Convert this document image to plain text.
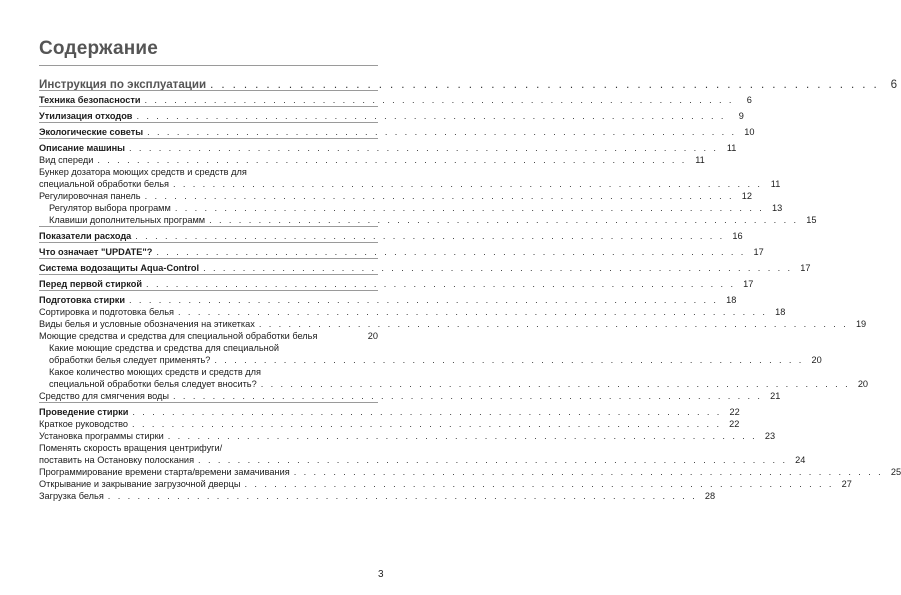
Содержание
Инструкция по эксплуатации . . . . . . . . . . . . . . . . . . . . . . . . . . . . . . . . . . . . . . . . . . . . . . . . . . . . . . . . . . . . 6
Техника безопасности . . . . . . . . . . . . . . . . . . . . . . . . . . . . . . . . . . . . . . . . . . . . . . . . . . . . . . . . . . . .	6
Утилизация отходов . . . . . . . . . . . . . . . . . . . . . . . . . . . . . . . . . . . . . . . . . . . . . . . . . . . . . . . . . . . .	9
Экологические советы . . . . . . . . . . . . . . . . . . . . . . . . . . . . . . . . . . . . . . . . . . . . . . . . . . . . . . . . . . . . 10
Описание машины . . . . . . . . . . . . . . . . . . . . . . . . . . . . . . . . . . . . . . . . . . . . . . . . . . . . . . . . . . . . 11
Вид спереди . . . . . . . . . . . . . . . . . . . . . . . . . . . . . . . . . . . . . . . . . . . . . . . . . . . . . . . . . . . . 11
Бункер дозатора моющих средств и средств для
специальной обработки белья . . . . . . . . . . . . . . . . . . . . . . . . . . . . . . . . . . . . . . . . . . . . . . . . . . . . . . . . . . . . 11
Регулировочная панель . . . . . . . . . . . . . . . . . . . . . . . . . . . . . . . . . . . . . . . . . . . . . . . . . . . . . . . . . . . . 12
Регулятор выбора программ . . . . . . . . . . . . . . . . . . . . . . . . . . . . . . . . . . . . . . . . . . . . . . . . . . . . . . . . . . . . 13
Клавиши дополнительных программ . . . . . . . . . . . . . . . . . . . . . . . . . . . . . . . . . . . . . . . . . . . . . . . . . . . . . . . . . . . . 15
Показатели расхода . . . . . . . . . . . . . . . . . . . . . . . . . . . . . . . . . . . . . . . . . . . . . . . . . . . . . . . . . . . . 16
Что означает "UPDATE"? . . . . . . . . . . . . . . . . . . . . . . . . . . . . . . . . . . . . . . . . . . . . . . . . . . . . . . . . . . . . 17
Система водозащиты Aqua-Control . . . . . . . . . . . . . . . . . . . . . . . . . . . . . . . . . . . . . . . . . . . . . . . . . . . . . . . . . . . . 17
Перед первой стиркой . . . . . . . . . . . . . . . . . . . . . . . . . . . . . . . . . . . . . . . . . . . . . . . . . . . . . . . . . . . . 17
Подготовка стирки . . . . . . . . . . . . . . . . . . . . . . . . . . . . . . . . . . . . . . . . . . . . . . . . . . . . . . . . . . . . 18
Сортировка и подготовка белья . . . . . . . . . . . . . . . . . . . . . . . . . . . . . . . . . . . . . . . . . . . . . . . . . . . . . . . . . . . . 18
Виды белья и условные обозначения на этикетках . . . . . . . . . . . . . . . . . . . . . . . . . . . . . . . . . . . . . . . . . . . . . . . . . . . . . . . . . . . . 19
Моющие средства и средства для специальной обработки белья	20
Какие моющие средства и средства для специальной
обработки белья следует применять? . . . . . . . . . . . . . . . . . . . . . . . . . . . . . . . . . . . . . . . . . . . . . . . . . . . . . . . . . . . . 20
Какое количество моющих средств и средств для
специальной обработки белья следует вносить? . . . . . . . . . . . . . . . . . . . . . . . . . . . . . . . . . . . . . . . . . . . . . . . . . . . . . . . . . . . . 20
Средство для смягчения воды . . . . . . . . . . . . . . . . . . . . . . . . . . . . . . . . . . . . . . . . . . . . . . . . . . . . . . . . . . . . 21
Проведение стирки . . . . . . . . . . . . . . . . . . . . . . . . . . . . . . . . . . . . . . . . . . . . . . . . . . . . . . . . . . . . 22
Краткое руководство . . . . . . . . . . . . . . . . . . . . . . . . . . . . . . . . . . . . . . . . . . . . . . . . . . . . . . . . . . . . 22
Установка программы стирки . . . . . . . . . . . . . . . . . . . . . . . . . . . . . . . . . . . . . . . . . . . . . . . . . . . . . . . . . . . . 23
Поменять скорость вращения центрифуги/
поставить на Остановку полоскания . . . . . . . . . . . . . . . . . . . . . . . . . . . . . . . . . . . . . . . . . . . . . . . . . . . . . . . . . . . . 24
Программирование времени старта/времени замачивания . . . . . . . . . . . . . . . . . . . . . . . . . . . . . . . . . . . . . . . . . . . . . . . . . . . . . . . . . . . . 25
Открывание и закрывание загрузочной дверцы . . . . . . . . . . . . . . . . . . . . . . . . . . . . . . . . . . . . . . . . . . . . . . . . . . . . . . . . . . . . 27
Загрузка белья . . . . . . . . . . . . . . . . . . . . . . . . . . . . . . . . . . . . . . . . . . . . . . . . . . . . . . . . . . . . 28
3
